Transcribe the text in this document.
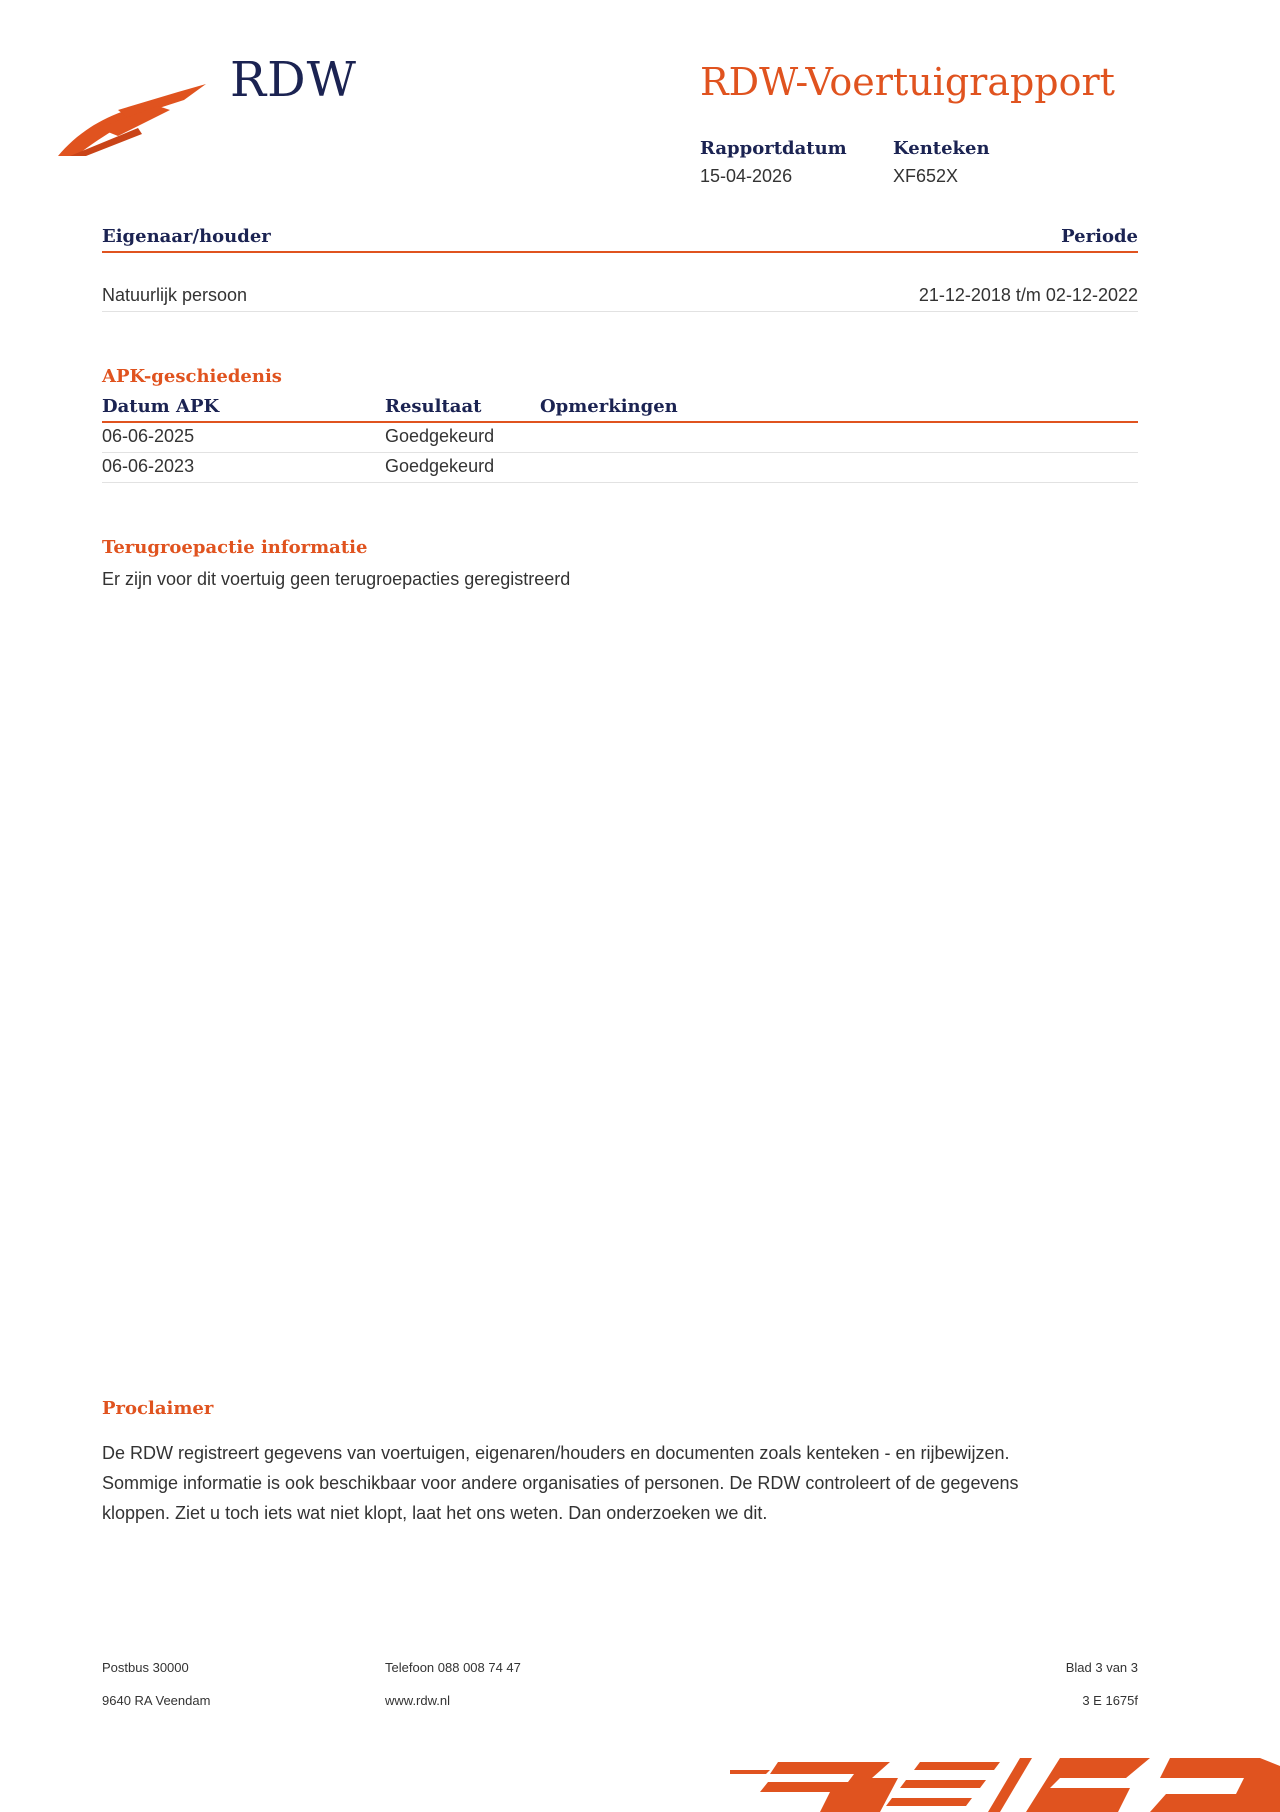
RDW	RDW-Voertuigrapport
Rapportdatum
15-04-2026
Kenteken
XF652X
Eigenaar/houder	Periode
Natuurlijk persoon	21-12-2018 t/m 02-12-2022
APK-geschiedenis
Datum APK	Resultaat	Opmerkingen
06-06-2025	Goedgekeurd
06-06-2023	Goedgekeurd
Terugroepactie informatie
Er zijn voor dit voertuig geen terugroepacties geregistreerd
Proclaimer
De RDW registreert gegevens van voertuigen, eigenaren/houders en documenten zoals kenteken - en rijbewijzen.
Sommige informatie is ook beschikbaar voor andere organisaties of personen. De RDW controleert of de gegevens
kloppen. Ziet u toch iets wat niet klopt, laat het ons weten. Dan onderzoeken we dit.
Postbus 30000
9640 RA Veendam
Telefoon 088 008 74 47
www.rdw.nl
Blad 3 van 3
3 E 1675f
